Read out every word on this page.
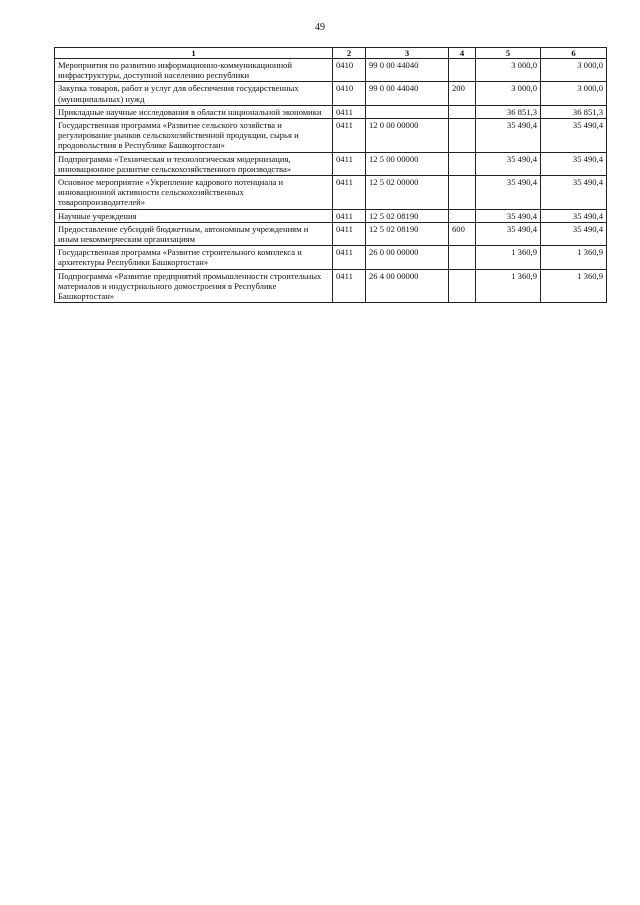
49
1	2	3	4	5	6
Мероприятия по развитию информационно-коммуникационной инфраструктуры, доступной населению республики	0410	99 0 00 44040		3 000,0	3 000,0
Закупка товаров, работ и услуг для обеспечения государственных (муниципальных) нужд	0410	99 0 00 44040	200	3 000,0	3 000,0
Прикладные научные исследования в области национальной экономики	0411			36 851,3	36 851,3
Государственная программа «Развитие сельского хозяйства и регулирование рынков сельскохозяйственной продукции, сырья и продовольствия в Республике Башкортостан»	0411	12 0 00 00000		35 490,4	35 490,4
Подпрограмма «Техническая и технологическая модернизация, инновационное развитие сельскохозяйственного производства»	0411	12 5 00 00000		35 490,4	35 490,4
Основное мероприятие «Укрепление кадрового потенциала и инновационной активности сельскохозяйственных товаропроизводителей»	0411	12 5 02 00000		35 490,4	35 490,4
Научные учреждения	0411	12 5 02 08190		35 490,4	35 490,4
Предоставление субсидий бюджетным, автономным учреждениям и иным некоммерческим организациям	0411	12 5 02 08190	600	35 490,4	35 490,4
Государственная программа «Развитие строительного комплекса и архитектуры Республики Башкортостан»	0411	26 0 00 00000		1 360,9	1 360,9
Подпрограмма «Развитие предприятий промышленности строительных материалов и индустриального домостроения в Республике Башкортостан»	0411	26 4 00 00000		1 360,9	1 360,9
